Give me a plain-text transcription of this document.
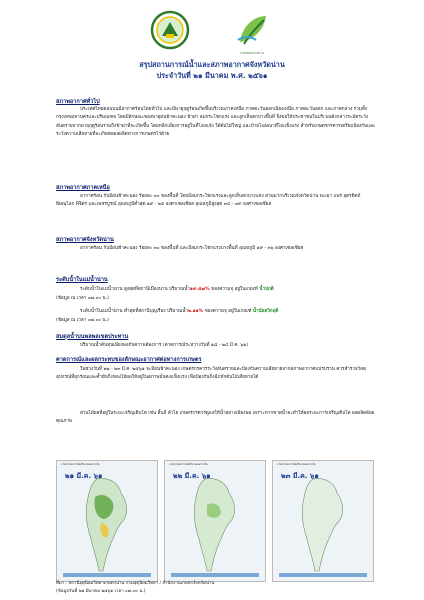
กรมชลประทาน
สรุปสถานการณ์น้ำและสภาพอากาศจังหวัดน่าน
ประจำวันที่ ๒๑ มีนาคม พ.ศ. ๒๕๖๑
สภาพอากาศทั่วไป
ประเทศไทยตอนบนมีอากาศร้อนโดยทั่วไป และมีพายุฤดูร้อนเกิดขึ้นบริเวณภาคเหนือ ภาคตะวันออกเฉียงเหนือ ภาคตะวันออก และภาคกลาง รวมทั้งกรุงเทพมหานครและปริมณฑล โดยมีลักษณะของพายุฝนฟ้าคะนอง ฟ้าผ่า ลมกระโชกแรง และลูกเห็บตกบางพื้นที่ จึงขอให้ประชาชนในบริเวณดังกล่าวระมัดระวังอันตรายจากพายุฤดูร้อนรวมถึงฟ้าผ่าที่จะเกิดขึ้น โดยหลีกเลี่ยงการอยู่ในที่โล่งแจ้ง ใต้ต้นไม้ใหญ่ และป้ายโฆษณาที่ไม่แข็งแรง สำหรับเกษตรกรควรเตรียมป้องกันและระวังความเสียหายที่จะเกิดต่อผลผลิตทางการเกษตรไว้ด้วย
สภาพอากาศภาคเหนือ
อากาศร้อน กับมีฝนฟ้าคะนอง ร้อยละ ๓๐ ของพื้นที่ โดยมีลมกระโชกแรงและลูกเห็บตกบางแห่ง ส่วนมากบริเวณจังหวัดน่าน พะเยา แพร่ อุตรดิตถ์ พิษณุโลก พิจิตร และเพชรบูรณ์ อุณหภูมิต่ำสุด ๑๙ - ๒๕ องศาเซลเซียส อุณหภูมิสูงสุด ๓๔ - ๓๙ องศาเซลเซียส
สภาพอากาศจังหวัดน่าน
อากาศร้อน กับมีฝนฟ้าคะนอง ร้อยละ ๓๐ ของพื้นที่ และมีลมกระโชกแรงบางพื้นที่ อุณหภูมิ ๑๙ - ๓๖ องศาเซลเซียส
ระดับน้ำในแม่น้ำน่าน
ระดับน้ำในแม่น้ำน่าน สูงสุดที่สถานีเมืองน่าน ปริมาณน้ำ๑๙.๕๗% ของความจุ อยู่ในเกณฑ์ น้ำปกติ
(ข้อมูล ณ เวลา ๐๗.๐๐ น.)
ระดับน้ำในแม่น้ำน่าน ต่ำสุดที่สถานีบุญเรือง ปริมาณน้ำ๒.๑๑% ของความจุ อยู่ในเกณฑ์ น้ำน้อยวิกฤติ
(ข้อมูล ณ เวลา ๐๗.๐๐ น.)
สมดุลน้ำบนพลพลเขตประทาน
ปริมาณน้ำต้นทุนเพียงพอกับความต้องการ (คาดการณ์ระหว่างวันที่ ๑๘ - ๒๔ มี.ค. ๖๑)
คาดการณ์และผลกระทบของลักษณะอากาศต่อทางการเกษตร
ในช่วงวันที่ ๒๒ - ๒๓ มี.ค. ๒๕๖๑ จะมีฝนฟ้าคะนอง เกษตรกรควรระวังอันตรายและป้องกันความเสียหายจากสภาพอากาศแปรปรวน ควรสำรวจวัสดุอุปกรณ์ที่ผุกร่อนและค้ำยันกิ่งของไม้ผลให้อยู่ในสภาพมั่นคงแข็งแรง เพื่อป้องกันกิ่งฉีกหักต้นไม้เสียหายได้
ส่วนไม้ผลที่อยู่ในระยะเจริญเติบโต เช่น ลิ้นจี่ ลำไย เกษตรกรควรดูแลให้น้ำอย่างเพียงพอ เพราะหากขาดน้ำจะทำให้ผลระยะการเจริญเติบโต ผลผลิตด้อยคุณภาพ
ภาพการพยากรณ์ปริมาณฝนรายวัน
๒๑ มี.ค. ๖๑
ภาพการพยากรณ์ปริมาณฝนรายวัน
๒๒ มี.ค. ๖๑
ภาพการพยากรณ์ปริมาณฝนรายวัน
๒๓ มี.ค. ๖๑
ที่มา : สถานีอุตุนิยมวิทยาเกษตรน่าน กรมอุตุนิยมวิทยา / สำนักงานเกษตรจังหวัดน่าน
(ข้อมูลวันที่ ๒๑ มีนาคม ๒๕๖๑ เวลา ๐๗.๐๐ น.)
